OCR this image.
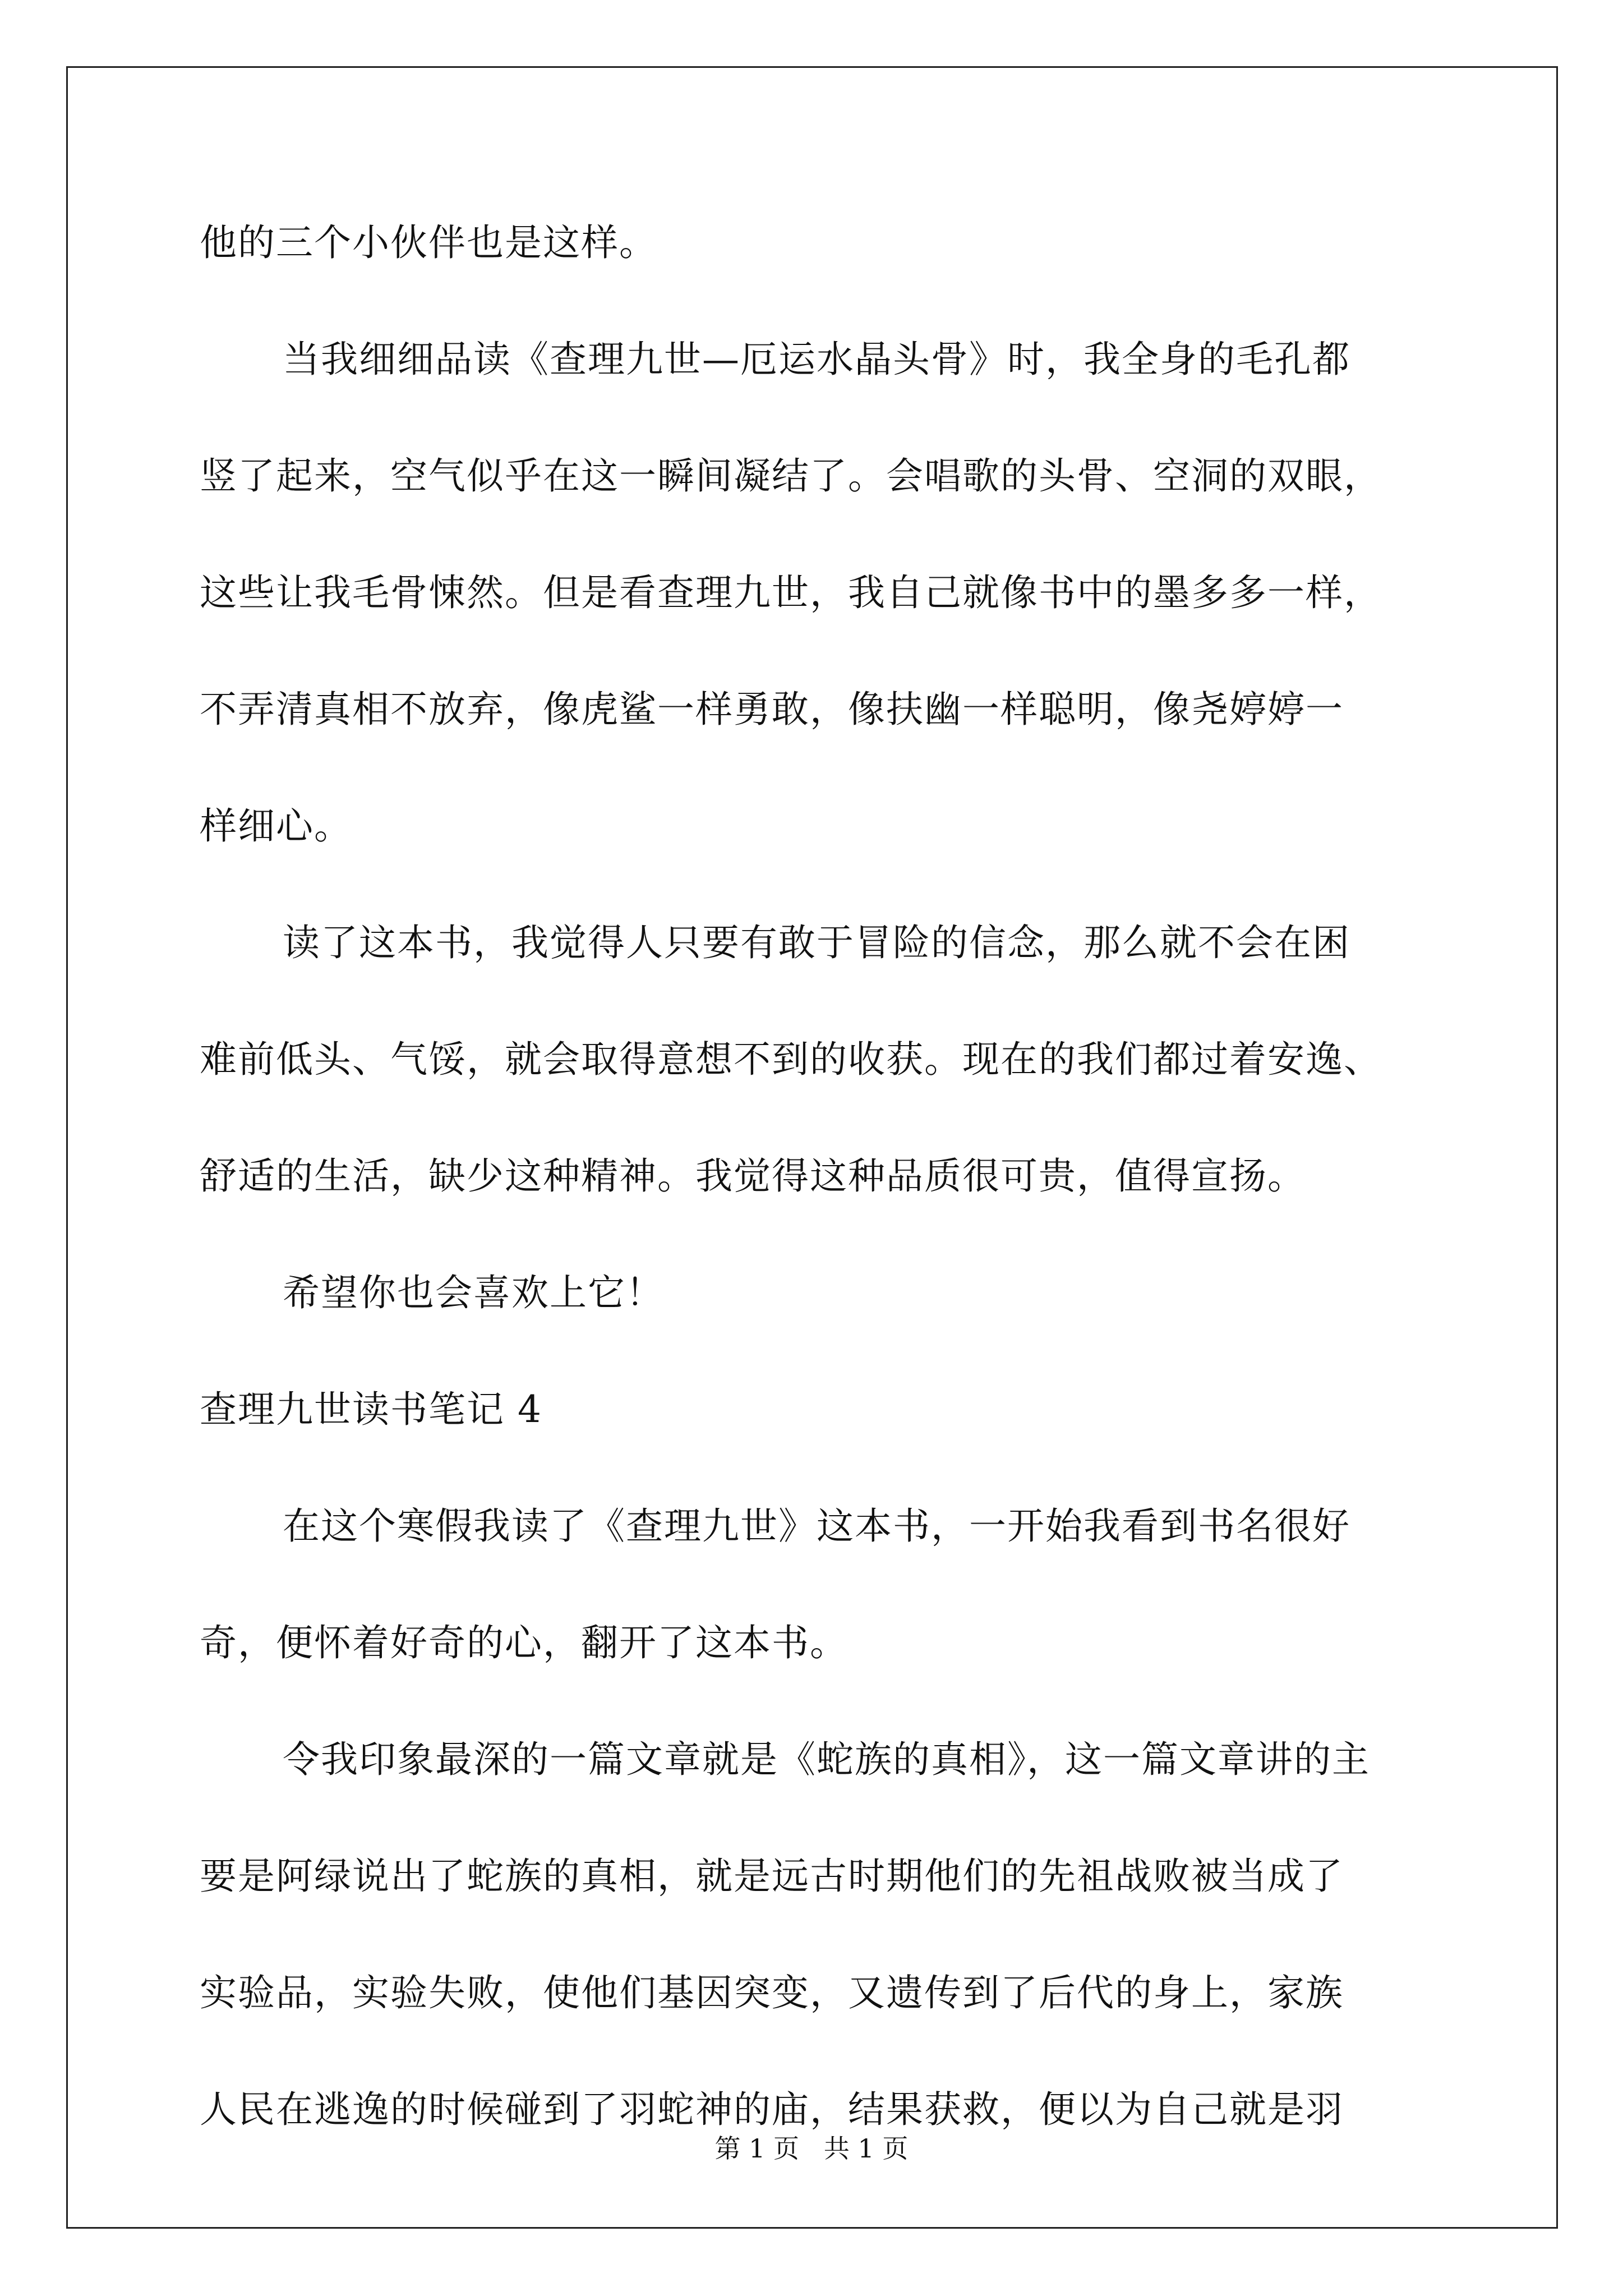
他的三个小伙伴也是这样。
当我细细品读《查理九世—厄运水晶头骨》时，我全身的毛孔都
竖了起来，空气似乎在这一瞬间凝结了。会唱歌的头骨、空洞的双眼，
这些让我毛骨悚然。但是看查理九世，我自己就像书中的墨多多一样，
不弄清真相不放弃，像虎鲨一样勇敢，像扶幽一样聪明，像尧婷婷一
样细心。
读了这本书，我觉得人只要有敢于冒险的信念，那么就不会在困
难前低头、气馁，就会取得意想不到的收获。现在的我们都过着安逸、
舒适的生活，缺少这种精神。我觉得这种品质很可贵，值得宣扬。
希望你也会喜欢上它！
查理九世读书笔记 4
在这个寒假我读了《查理九世》这本书，一开始我看到书名很好
奇，便怀着好奇的心，翻开了这本书。
令我印象最深的一篇文章就是《蛇族的真相》，这一篇文章讲的主
要是阿绿说出了蛇族的真相，就是远古时期他们的先祖战败被当成了
实验品，实验失败，使他们基因突变，又遗传到了后代的身上，家族
人民在逃逸的时候碰到了羽蛇神的庙，结果获救，便以为自己就是羽
第 1 页   共 1 页
